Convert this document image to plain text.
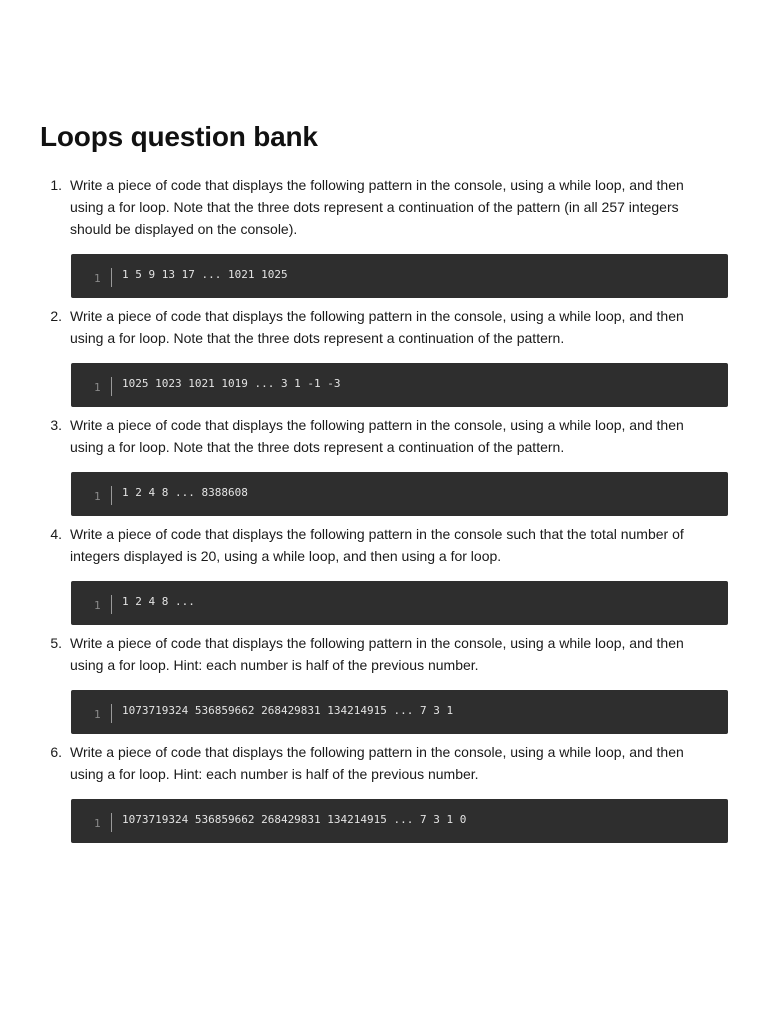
Loops question bank
1. Write a piece of code that displays the following pattern in the console, using a while loop, and then using a for loop. Note that the three dots represent a continuation of the pattern (in all 257 integers should be displayed on the console).
1 1 5 9 13 17 ... 1021 1025
2. Write a piece of code that displays the following pattern in the console, using a while loop, and then using a for loop. Note that the three dots represent a continuation of the pattern.
1 1025 1023 1021 1019 ... 3 1 -1 -3
3. Write a piece of code that displays the following pattern in the console, using a while loop, and then using a for loop. Note that the three dots represent a continuation of the pattern.
1 1 2 4 8 ... 8388608
4. Write a piece of code that displays the following pattern in the console such that the total number of integers displayed is 20, using a while loop, and then using a for loop.
1 1 2 4 8 ...
5. Write a piece of code that displays the following pattern in the console, using a while loop, and then using a for loop. Hint: each number is half of the previous number.
1 1073719324 536859662 268429831 134214915 ... 7 3 1
6. Write a piece of code that displays the following pattern in the console, using a while loop, and then using a for loop. Hint: each number is half of the previous number.
1 1073719324 536859662 268429831 134214915 ... 7 3 1 0
